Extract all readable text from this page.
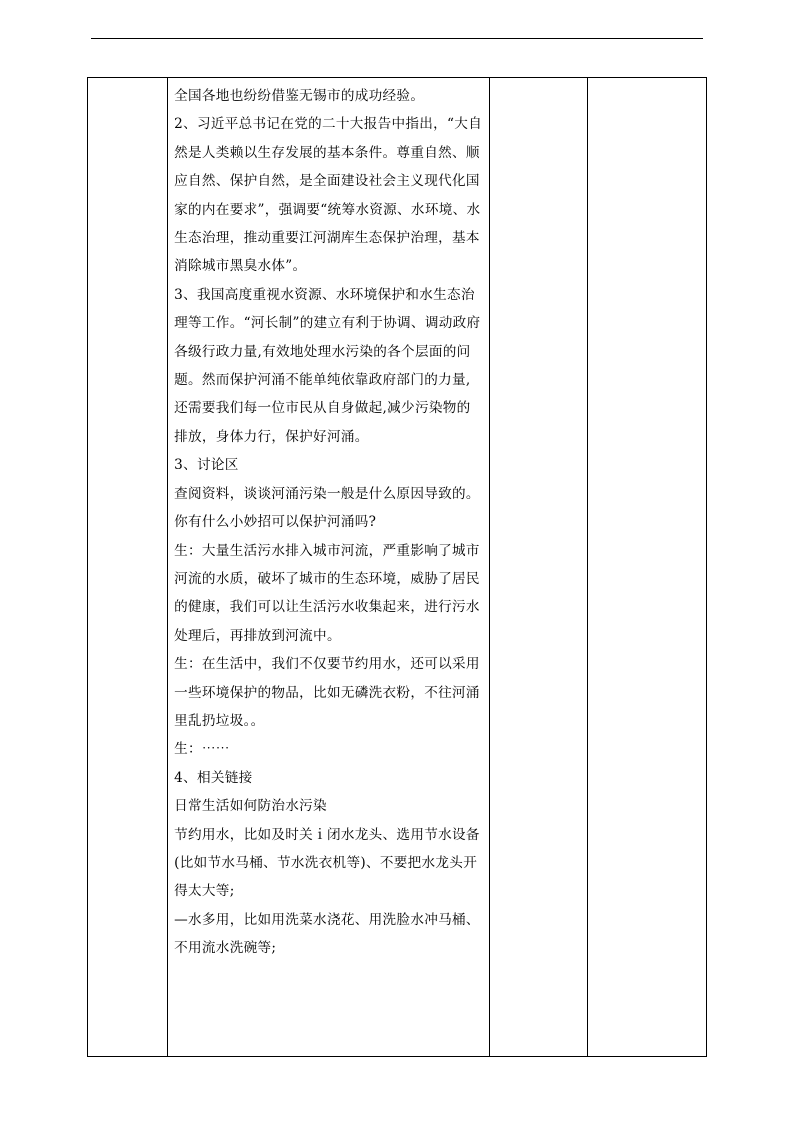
全国各地也纷纷借鉴无锡市的成功经验。

2、习近平总书记在党的二十大报告中指出，“大自然是人类赖以生存发展的基本条件。尊重自然、顺应自然、保护自然，是全面建设社会主义现代化国家的内在要求”，强调要“统筹水资源、水环境、水生态治理，推动重要江河湖库生态保护治理，基本消除城市黑臭水体”。

3、我国高度重视水资源、水环境保护和水生态治理等工作。“河长制”的建立有利于协调、调动政府各级行政力量,有效地处理水污染的各个层面的问题。然而保护河涌不能单纯依靠政府部门的力量,还需要我们每一位市民从自身做起,减少污染物的排放，身体力行，保护好河涌。

3、讨论区

查阅资料，谈谈河涌污染一般是什么原因导致的。你有什么小妙招可以保护河涌吗?

生：大量生活污水排入城市河流，严重影响了城市河流的水质，破坏了城市的生态环境，威胁了居民的健康，我们可以让生活污水收集起来，进行污水处理后，再排放到河流中。

生：在生活中，我们不仅要节约用水，还可以采用一些环境保护的物品，比如无磷洗衣粉，不往河涌里乱扔垃圾。。

生：⋯⋯

4、相关链接

日常生活如何防治水污染

节约用水，比如及时关ｉ闭水龙头、选用节水设备(比如节水马桶、节水洗衣机等)、不要把水龙头开得太大等;

—水多用，比如用洗菜水浇花、用洗脸水冲马桶、不用流水洗碗等;
